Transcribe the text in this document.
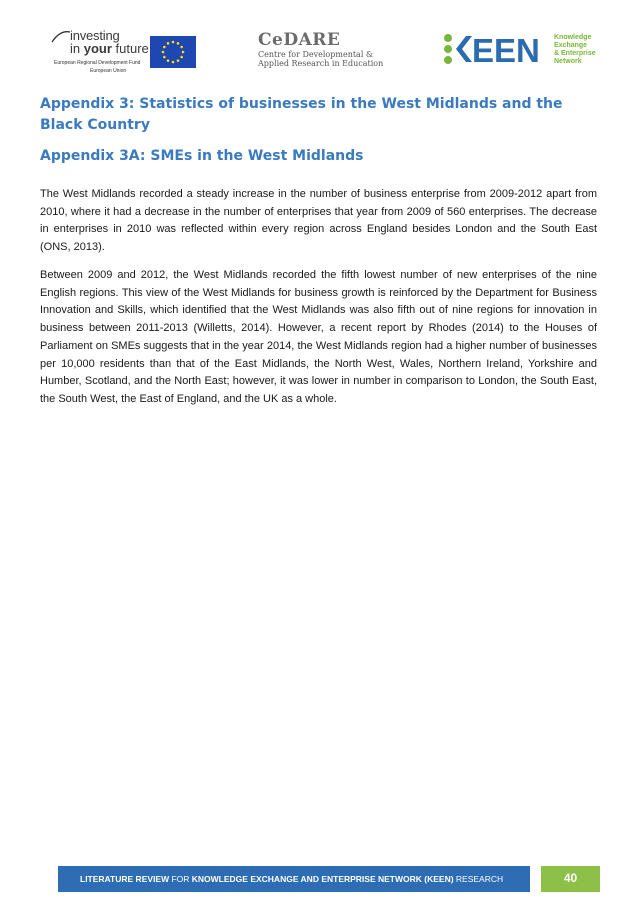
investing
in your future
European Regional Development Fund
European Union
CeDARE
Centre for Developmental &
Applied Research in Education	EEN Knowledge
Exchange
& Enterprise
Network
Appendix 3: Statistics of businesses in the West Midlands and the Black Country
Appendix 3A: SMEs in the West Midlands

The West Midlands recorded a steady increase in the number of business enterprise from 2009-2012 apart from 2010, where it had a decrease in the number of enterprises that year from 2009 of 560 enterprises. The decrease in enterprises in 2010 was reflected within every region across England besides London and the South East (ONS, 2013).

Between 2009 and 2012, the West Midlands recorded the fifth lowest number of new enterprises of the nine English regions. This view of the West Midlands for business growth is reinforced by the Department for Business Innovation and Skills, which identified that the West Midlands was also fifth out of nine regions for innovation in business between 2011-2013 (Willetts, 2014). However, a recent report by Rhodes (2014) to the Houses of Parliament on SMEs suggests that in the year 2014, the West Midlands region had a higher number of businesses per 10,000 residents than that of the East Midlands, the North West, Wales, Northern Ireland, Yorkshire and Humber, Scotland, and the North East; however, it was lower in number in comparison to London, the South East, the South West, the East of England, and the UK as a whole.

LITERATURE REVIEW FOR KNOWLEDGE EXCHANGE AND ENTERPRISE NETWORK (KEEN) RESEARCH	40
